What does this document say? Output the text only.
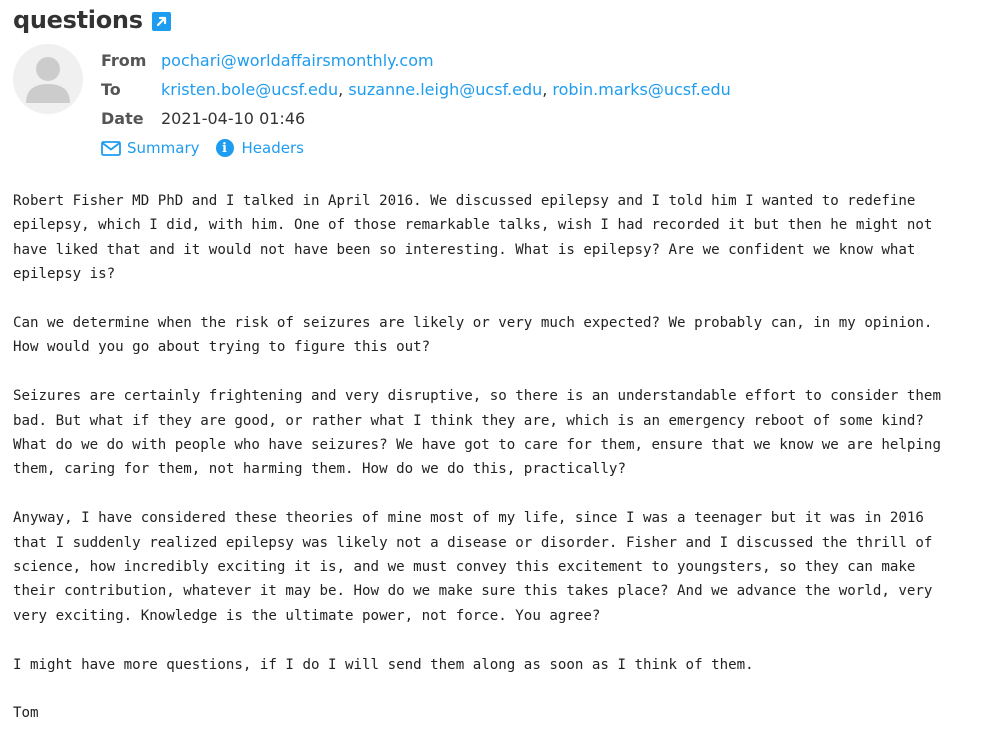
questions
From pochari@worldaffairsmonthly.com
To	kristen.bole@ucsf.edu, suzanne.leigh@ucsf.edu, robin.marks@ucsf.edu
Date	2021-04-10 01:46
Summary	i Headers
Robert Fisher MD PhD and I talked in April 2016. We discussed epilepsy and I told him I wanted to redefine
epilepsy, which I did, with him. One of those remarkable talks, wish I had recorded it but then he might not
have liked that and it would not have been so interesting. What is epilepsy? Are we confident we know what
epilepsy is?
Can we determine when the risk of seizures are likely or very much expected? We probably can, in my opinion.
How would you go about trying to figure this out?
Seizures are certainly frightening and very disruptive, so there is an understandable effort to consider them
bad. But what if they are good, or rather what I think they are, which is an emergency reboot of some kind?
What do we do with people who have seizures? We have got to care for them, ensure that we know we are helping
them, caring for them, not harming them. How do we do this, practically?
Anyway, I have considered these theories of mine most of my life, since I was a teenager but it was in 2016
that I suddenly realized epilepsy was likely not a disease or disorder. Fisher and I discussed the thrill of
science, how incredibly exciting it is, and we must convey this excitement to youngsters, so they can make
their contribution, whatever it may be. How do we make sure this takes place? And we advance the world, very
very exciting. Knowledge is the ultimate power, not force. You agree?
I might have more questions, if I do I will send them along as soon as I think of them.
Tom
